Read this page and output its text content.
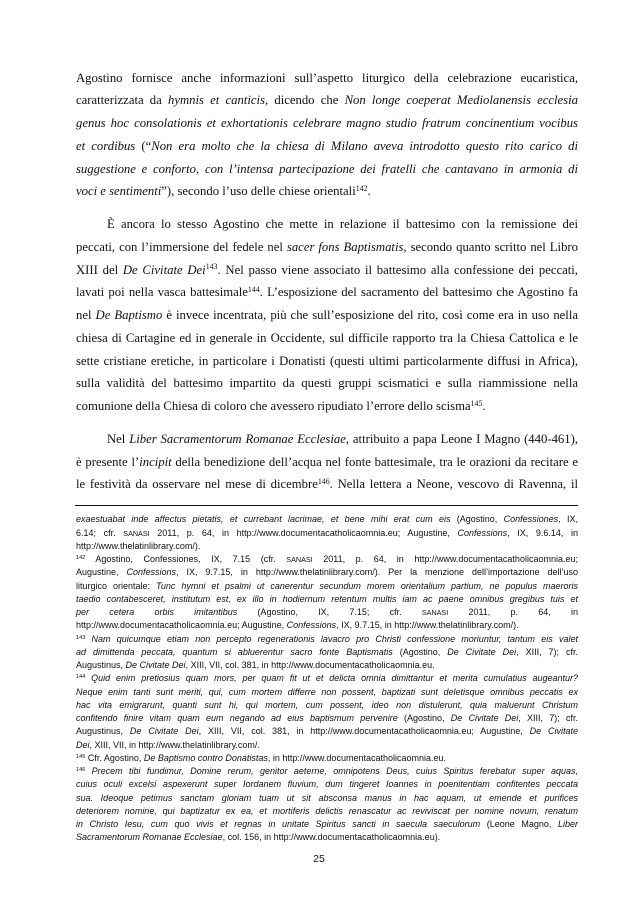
Agostino fornisce anche informazioni sull’aspetto liturgico della celebrazione eucaristica,
caratterizzata da hymnis et canticis, dicendo che Non longe coeperat Mediolanensis ecclesia
genus hoc consolationis et exhortationis celebrare magno studio fratrum concinentium vocibus
et cordibus (“Non era molto che la chiesa di Milano aveva introdotto questo rito carico di
suggestione e conforto, con l’intensa partecipazione dei fratelli che cantavano in armonia di
voci e sentimenti”), secondo l’uso delle chiese orientali$^{142}$.
È ancora lo stesso Agostino che mette in relazione il battesimo con la remissione dei
peccati, con l’immersione del fedele nel sacer fons Baptismatis, secondo quanto scritto nel Libro
XIII del De Civitate Dei$^{143}$. Nel passo viene associato il battesimo alla confessione dei peccati,
lavati poi nella vasca battesimale$^{144}$. L’esposizione del sacramento del battesimo che Agostino fa
nel De Baptismo è invece incentrata, più che sull’esposizione del rito, così come era in uso nella
chiesa di Cartagine ed in generale in Occidente, sul difficile rapporto tra la Chiesa Cattolica e le
sette cristiane eretiche, in particolare i Donatisti (questi ultimi particolarmente diffusi in Africa),
sulla validità del battesimo impartito da questi gruppi scismatici e sulla riammissione nella
comunione della Chiesa di coloro che avessero ripudiato l’errore dello scisma$^{145}$.
Nel Liber Sacramentorum Romanae Ecclesiae, attribuito a papa Leone I Magno (440-461),
è presente l’incipit della benedizione dell’acqua nel fonte battesimale, tra le orazioni da recitare e
le festività da osservare nel mese di dicembre$^{146}$. Nella lettera a Neone, vescovo di Ravenna, il
exaestuabat inde affectus pietatis, et currebant lacrimae, et bene mihi erat cum eis (Agostino, Confessiones, IX,
6.14; cfr. SANASI 2011, p. 64, in http://www.documentacatholicaomnia.eu; Augustine, Confessions, IX, 9.6.14, in
http://www.thelatinlibrary.com/).
$^{142}$ Agostino, Confessiones, IX, 7.15 (cfr. SANASI 2011, p. 64, in http://www.documentacatholicaomnia.eu;
Augustine, Confessions, IX, 9.7.15, in http://www.thelatinlibrary.com/). Per la menzione dell’importazione dell’uso
liturgico orientale: Tunc hymni et psalmi ut canerentur secundum morem orientalium partium, ne populus maeroris
taedio contabesceret, institutum est, ex illo in hodiernum retentum multis iam ac paene omnibus gregibus tuis et
per cetera orbis imitantibus (Agostino, IX, 7.15; cfr. SANASI 2011, p. 64, in
http://www.documentacatholicaomnia.eu; Augustine, Confessions, IX, 9.7.15, in http://www.thelatinlibrary.com/).
$^{143}$ Nam quicumque etiam non percepto regenerationis lavacro pro Christi confessione moriuntur, tantum eis valet
ad dimittenda peccata, quantum si abluerentur sacro fonte Baptismatis (Agostino, De Civitate Dei, XIII, 7); cfr.
Augustinus, De Civitate Dei, XIII, VII, col. 381, in http://www.documentacatholicaomnia.eu.
$^{144}$ Quid enim pretiosius quam mors, per quam fit ut et delicta omnia dimittantur et merita cumulatius augeantur?
Neque enim tanti sunt meriti, qui, cum mortem differre non possent, baptizati sunt deletisque omnibus peccatis ex
hac vita emigrarunt, quanti sunt hi, qui mortem, cum possent, ideo non distulerunt, quia maluerunt Christum
confitendo finire vitam quam eum negando ad eius baptismum pervenire (Agostino, De Civitate Dei, XIII, 7); cfr.
Augustinus, De Civitate Dei, XIII, VII, col. 381, in http://www.documentacatholicaomnia.eu; Augustine, De Civitate
Dei, XIII, VII, in http://www.thelatinlibrary.com/.
$^{145}$ Cfr. Agostino, De Baptismo contro Donatistas, in http://www.documentacatholicaomnia.eu.
$^{146}$ Precem tibi fundimur, Domine rerum, genitor aeterne, omnipotens Deus, cuius Spiritus ferebatur super aquas,
cuius oculi excelsi aspexerunt super Iordanem fluvium, dum tingeret Ioannes in poenitentiam confitentes peccata
sua. Ideoque petimus sanctam gloriam tuam ut sit absconsa manus in hac aquam, ut emende et purifices
deteriorem nomine, qui baptizatur ex ea, et mortiferis delictis renascatur ac reviviscat per nomine novum, renatum
in Christo Iesu, cum quo vivis et regnas in unitate Spiritus sancti in saecula saeculorum (Leone Magno, Liber
Sacramentorum Romanae Ecclesiae, col. 156, in http://www.documentacatholicaomnia.eu).
25
